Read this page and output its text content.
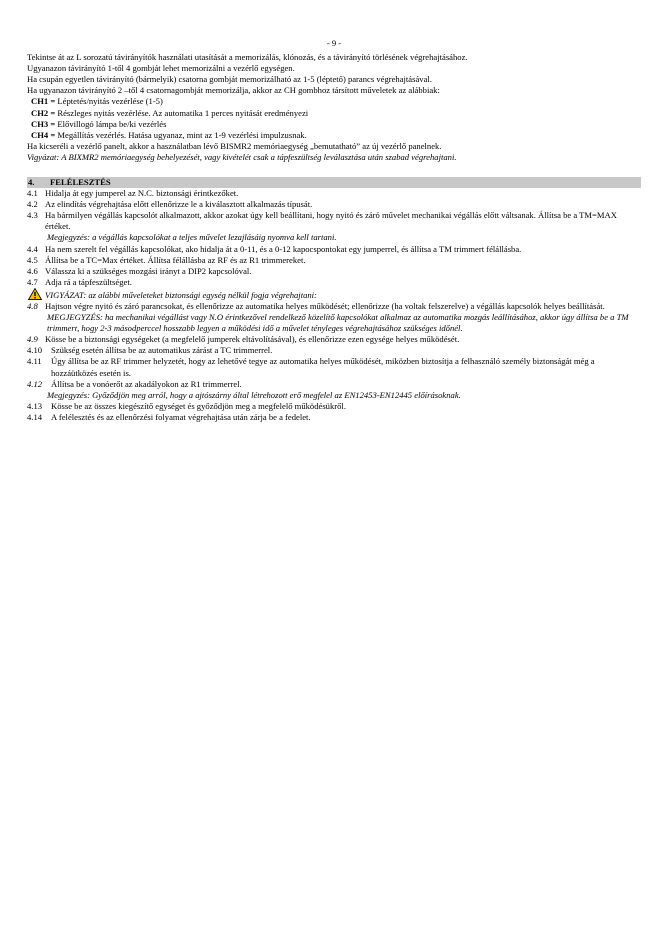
- 9 -
Tekintse át az L sorozatú távirányítók használati utasítását a memorizálás, klónozás, és a távirányító törlésének végrehajtásához.
Ugyanazon távirányító 1-től 4 gombját lehet memorizálni a vezérlő egységen.
Ha csupán egyetlen távirányító (bármelyik) csatorna gombját memorizálható az 1-5 (léptető) parancs végrehajtásával.
Ha ugyanazon távirányító 2 –től 4 csatornagombját memorizálja, akkor az CH gombhoz társított műveletek az alábbiak:
CH1 = Léptetés/nyitás vezérlése (1-5)
CH2 = Részleges nyitás vezérlése. Az automatika 1 perces nyitását eredményezi
CH3 = Elővillogó lámpa be/ki vezérlés
CH4 = Megállítás vezérlés. Hatása ugyanaz, mint az 1-9 vezérlési impulzusnak.
Ha kicseréli a vezérlő panelt, akkor a használatban lévő BISMR2 memóriaegység „bemutatható” az új vezérlő panelnek.
Vigyázat: A BIXMR2 memóriaegység behelyezését, vagy kivételét csak a tápfeszültség leválasztása után szabad végrehajtani.
4. FELÉLESZTÉS
4.1 Hidalja át egy jumperel az N.C. biztonsági érintkezőket.
4.2 Az elindítás végrehajtása előtt ellenőrizze le a kiválasztott alkalmazás típusát.
4.3 Ha bármilyen végállás kapcsolót alkalmazott, akkor azokat úgy kell beállítani, hogy nyitó és záró művelet mechanikai végállás előtt váltsanak. Állítsa be a TM=MAX értéket.
Megjegyzés: a végállás kapcsolókat a teljes művelet lezajlásáig nyomva kell tartani.
4.4 Ha nem szerelt fel végállás kapcsolókat, ako hidalja át a 0-11, és a 0-12 kapocspontokat egy jumperrel, és állítsa a TM trimmert félállásba.
4.5 Állítsa be a TC=Max értéket. Állítsa félállásba az RF és az R1 trimmereket.
4.6 Válassza ki a szükséges mozgási irányt a DIP2 kapcsolóval.
4.7 Adja rá a tápfeszültséget.
VIGYÁZAT: az alábbi műveleteket biztonsági egység nélkül fogja végrehajtani:
4.8 Hajtson végre nyitó és záró parancsokat, és ellenőrizze az automatika helyes működését; ellenőrizze (ha voltak felszerelve) a végállás kapcsolók helyes beállítását.
MEGJEGYZÉS: ha mechanikai végállást vagy N.O érintkezővel rendelkező közelítő kapcsolókat alkalmaz az automatika mozgás leállításához, akkor úgy állítsa be a TM trimmert, hogy 2-3 másodperccel hosszabb legyen a működési idő a művelet tényleges végrehajtásához szükséges időnél.
4.9 Kösse be a biztonsági egységeket (a megfelelő jumperek eltávolításával), és ellenőrizze ezen egysége helyes működését.
4.10	Szükség esetén állítsa be az automatikus zárást a TC trimmerrel.
4.11	Úgy állítsa be az RF trimmer helyzetét, hogy az lehetővé tegye az automatika helyes működését, miközben biztosítja a felhasználó személy biztonságát még a hozzáütközés esetén is.
4.12	Állítsa be a vonóerőt az akadályokon az R1 trimmerrel.
Megjegyzés: Győződjön meg arról, hogy a ajtószárny által létrehozott erő megfelel az EN12453-EN12445 előírásoknak.
4.13	Kösse be az összes kiegészítő egységet és győződjön meg a megfelelő működésükről.
4.14	A felélesztés és az ellenőrzési folyamat végrehajtása után zárja be a fedelet.
